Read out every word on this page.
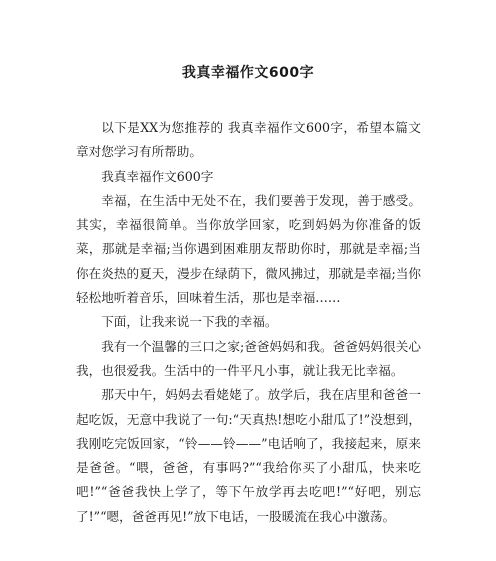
我真幸福作文600字

以下是XX为您推荐的 我真幸福作文600字，希望本篇文章对您学习有所帮助。

我真幸福作文600字

幸福，在生活中无处不在，我们要善于发现，善于感受。其实，幸福很简单。当你放学回家，吃到妈妈为你准备的饭菜，那就是幸福;当你遇到困难朋友帮助你时，那就是幸福;当你在炎热的夏天，漫步在绿荫下，微风拂过，那就是幸福;当你轻松地听着音乐，回味着生活，那也是幸福……

下面，让我来说一下我的幸福。

我有一个温馨的三口之家;爸爸妈妈和我。爸爸妈妈很关心我，也很爱我。生活中的一件平凡小事，就让我无比幸福。

那天中午，妈妈去看姥姥了。放学后，我在店里和爸爸一起吃饭，无意中我说了一句:“天真热!想吃小甜瓜了!”没想到，我刚吃完饭回家，“铃——铃——”电话响了，我接起来，原来是爸爸。“喂，爸爸，有事吗?”“我给你买了小甜瓜，快来吃吧!”“爸爸我快上学了，等下午放学再去吃吧!”“好吧，别忘了!”“嗯，爸爸再见!”放下电话，一股暖流在我心中激荡。
